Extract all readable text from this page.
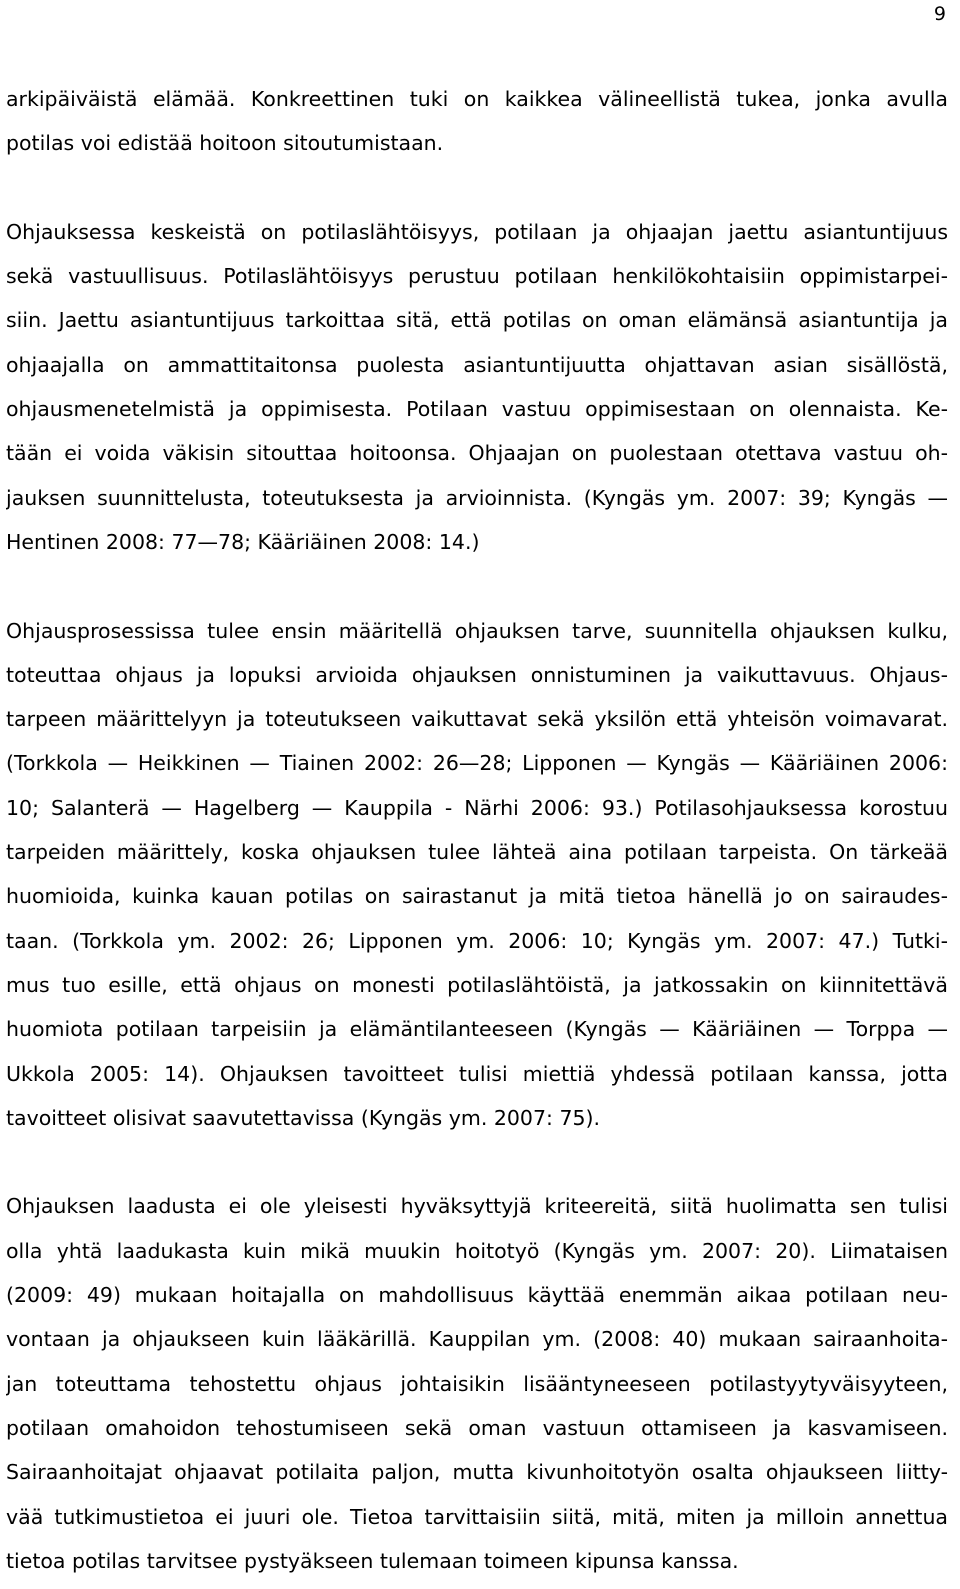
9
arkipäiväistä elämää. Konkreettinen tuki on kaikkea välineellistä tukea, jonka avulla
potilas voi edistää hoitoon sitoutumistaan.
Ohjauksessa keskeistä on potilaslähtöisyys, potilaan ja ohjaajan jaettu asiantuntijuus
sekä vastuullisuus. Potilaslähtöisyys perustuu potilaan henkilökohtaisiin oppimistarpei-
siin. Jaettu asiantuntijuus tarkoittaa sitä, että potilas on oman elämänsä asiantuntija ja
ohjaajalla on ammattitaitonsa puolesta asiantuntijuutta ohjattavan asian sisällöstä,
ohjausmenetelmistä ja oppimisesta. Potilaan vastuu oppimisestaan on olennaista. Ke-
tään ei voida väkisin sitouttaa hoitoonsa. Ohjaajan on puolestaan otettava vastuu oh-
jauksen suunnittelusta, toteutuksesta ja arvioinnista. (Kyngäs ym. 2007: 39; Kyngäs —
Hentinen 2008: 77—78; Kääriäinen 2008: 14.)
Ohjausprosessissa tulee ensin määritellä ohjauksen tarve, suunnitella ohjauksen kulku,
toteuttaa ohjaus ja lopuksi arvioida ohjauksen onnistuminen ja vaikuttavuus. Ohjaus-
tarpeen määrittelyyn ja toteutukseen vaikuttavat sekä yksilön että yhteisön voimavarat.
(Torkkola — Heikkinen — Tiainen 2002: 26—28; Lipponen — Kyngäs — Kääriäinen 2006:
10; Salanterä — Hagelberg — Kauppila - Närhi 2006: 93.) Potilasohjauksessa korostuu
tarpeiden määrittely, koska ohjauksen tulee lähteä aina potilaan tarpeista. On tärkeää
huomioida, kuinka kauan potilas on sairastanut ja mitä tietoa hänellä jo on sairaudes-
taan. (Torkkola ym. 2002: 26; Lipponen ym. 2006: 10; Kyngäs ym. 2007: 47.) Tutki-
mus tuo esille, että ohjaus on monesti potilaslähtöistä, ja jatkossakin on kiinnitettävä
huomiota potilaan tarpeisiin ja elämäntilanteeseen (Kyngäs — Kääriäinen — Torppa —
Ukkola 2005: 14). Ohjauksen tavoitteet tulisi miettiä yhdessä potilaan kanssa, jotta
tavoitteet olisivat saavutettavissa (Kyngäs ym. 2007: 75).
Ohjauksen laadusta ei ole yleisesti hyväksyttyjä kriteereitä, siitä huolimatta sen tulisi
olla yhtä laadukasta kuin mikä muukin hoitotyö (Kyngäs ym. 2007: 20). Liimataisen
(2009: 49) mukaan hoitajalla on mahdollisuus käyttää enemmän aikaa potilaan neu-
vontaan ja ohjaukseen kuin lääkärillä. Kauppilan ym. (2008: 40) mukaan sairaanhoita-
jan toteuttama tehostettu ohjaus johtaisikin lisääntyneeseen potilastyytyväisyyteen,
potilaan omahoidon tehostumiseen sekä oman vastuun ottamiseen ja kasvamiseen.
Sairaanhoitajat ohjaavat potilaita paljon, mutta kivunhoitotyön osalta ohjaukseen liitty-
vää tutkimustietoa ei juuri ole. Tietoa tarvittaisiin siitä, mitä, miten ja milloin annettua
tietoa potilas tarvitsee pystyäkseen tulemaan toimeen kipunsa kanssa.
